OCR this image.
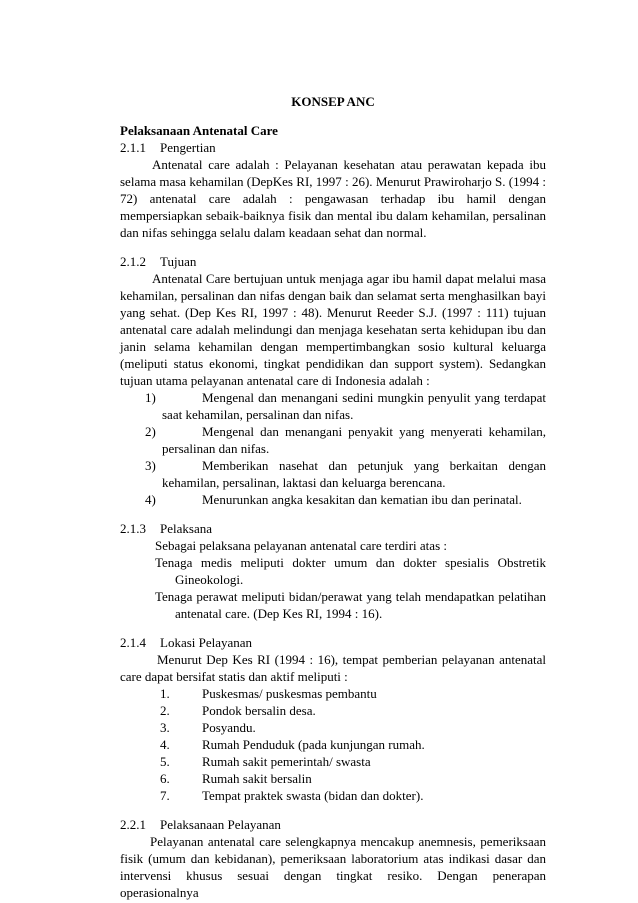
KONSEP ANC
Pelaksanaan Antenatal Care
2.1.1 Pengertian
Antenatal care adalah : Pelayanan kesehatan atau perawatan kepada ibu
selama masa kehamilan (DepKes RI, 1997 : 26). Menurut Prawiroharjo S. (1994 :
72) antenatal care adalah : pengawasan terhadap ibu hamil dengan
mempersiapkan sebaik-baiknya fisik dan mental ibu dalam kehamilan, persalinan
dan nifas sehingga selalu dalam keadaan sehat dan normal.
2.1.2 Tujuan
Antenatal Care bertujuan untuk menjaga agar ibu hamil dapat melalui masa
kehamilan, persalinan dan nifas dengan baik dan selamat serta menghasilkan bayi
yang sehat. (Dep Kes RI, 1997 : 48). Menurut Reeder S.J. (1997 : 111) tujuan
antenatal care adalah melindungi dan menjaga kesehatan serta kehidupan ibu dan
janin selama kehamilan dengan mempertimbangkan sosio kultural keluarga
(meliputi status ekonomi, tingkat pendidikan dan support system). Sedangkan
tujuan utama pelayanan antenatal care di Indonesia adalah :
1)	Mengenal dan menangani sedini mungkin penyulit yang terdapat
saat kehamilan, persalinan dan nifas.
2)	Mengenal dan menangani penyakit yang menyerati kehamilan,
persalinan dan nifas.
3)	Memberikan nasehat dan petunjuk yang berkaitan dengan
kehamilan, persalinan, laktasi dan keluarga berencana.
4)	Menurunkan angka kesakitan dan kematian ibu dan perinatal.
2.1.3 Pelaksana
Sebagai pelaksana pelayanan antenatal care terdiri atas :
Tenaga medis meliputi dokter umum dan dokter spesialis Obstretik
Gineokologi.
Tenaga perawat meliputi bidan/perawat yang telah mendapatkan pelatihan
antenatal care. (Dep Kes RI, 1994 : 16).
2.1.4 Lokasi Pelayanan
Menurut Dep Kes RI (1994 : 16), tempat pemberian pelayanan antenatal
care dapat bersifat statis dan aktif meliputi :
1.	Puskesmas/ puskesmas pembantu
2.	Pondok bersalin desa.
3.	Posyandu.
4.	Rumah Penduduk (pada kunjungan rumah.
5.	Rumah sakit pemerintah/ swasta
6.	Rumah sakit bersalin
7.	Tempat praktek swasta (bidan dan dokter).
2.2.1 Pelaksanaan Pelayanan
Pelayanan antenatal care selengkapnya mencakup anemnesis, pemeriksaan
fisik (umum dan kebidanan), pemeriksaan laboratorium atas indikasi dasar dan
intervensi khusus sesuai dengan tingkat resiko. Dengan penerapan operasionalnya
